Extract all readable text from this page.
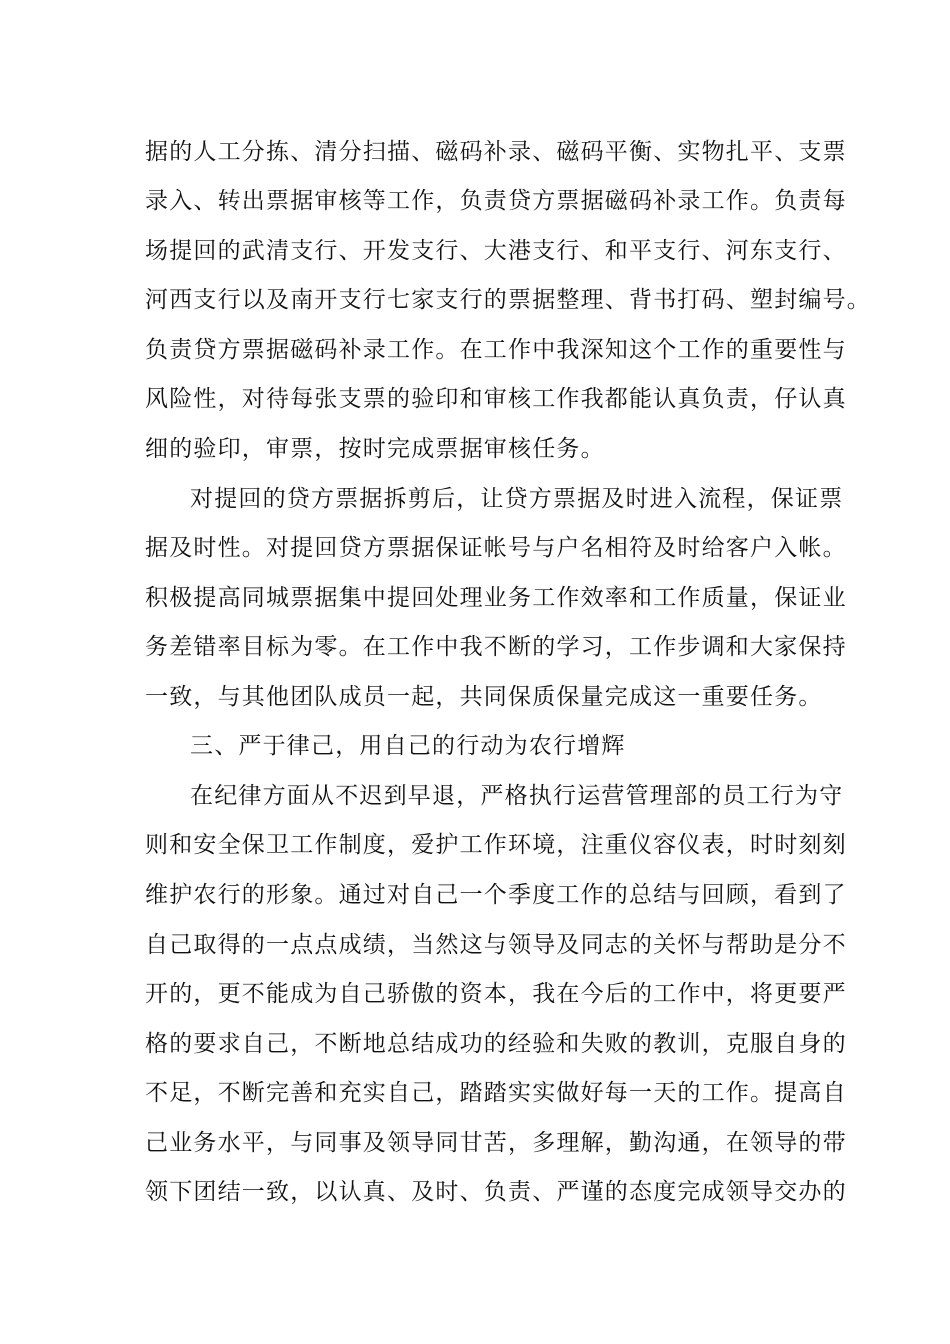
据的人工分拣、清分扫描、磁码补录、磁码平衡、实物扎平、支票

录入、转出票据审核等工作，负责贷方票据磁码补录工作。负责每

场提回的武清支行、开发支行、大港支行、和平支行、河东支行、

河西支行以及南开支行七家支行的票据整理、背书打码、塑封编号。

负责贷方票据磁码补录工作。在工作中我深知这个工作的重要性与

风险性，对待每张支票的验印和审核工作我都能认真负责，仔认真

细的验印，审票，按时完成票据审核任务。

对提回的贷方票据拆剪后，让贷方票据及时进入流程，保证票

据及时性。对提回贷方票据保证帐号与户名相符及时给客户入帐。

积极提高同城票据集中提回处理业务工作效率和工作质量，保证业

务差错率目标为零。在工作中我不断的学习，工作步调和大家保持

一致，与其他团队成员一起，共同保质保量完成这一重要任务。

三、严于律己，用自己的行动为农行增辉

在纪律方面从不迟到早退，严格执行运营管理部的员工行为守

则和安全保卫工作制度，爱护工作环境，注重仪容仪表，时时刻刻

维护农行的形象。通过对自己一个季度工作的总结与回顾，看到了

自己取得的一点点成绩，当然这与领导及同志的关怀与帮助是分不

开的，更不能成为自己骄傲的资本，我在今后的工作中，将更要严

格的要求自己，不断地总结成功的经验和失败的教训，克服自身的

不足，不断完善和充实自己，踏踏实实做好每一天的工作。提高自

己业务水平，与同事及领导同甘苦，多理解，勤沟通，在领导的带

领下团结一致，以认真、及时、负责、严谨的态度完成领导交办的
